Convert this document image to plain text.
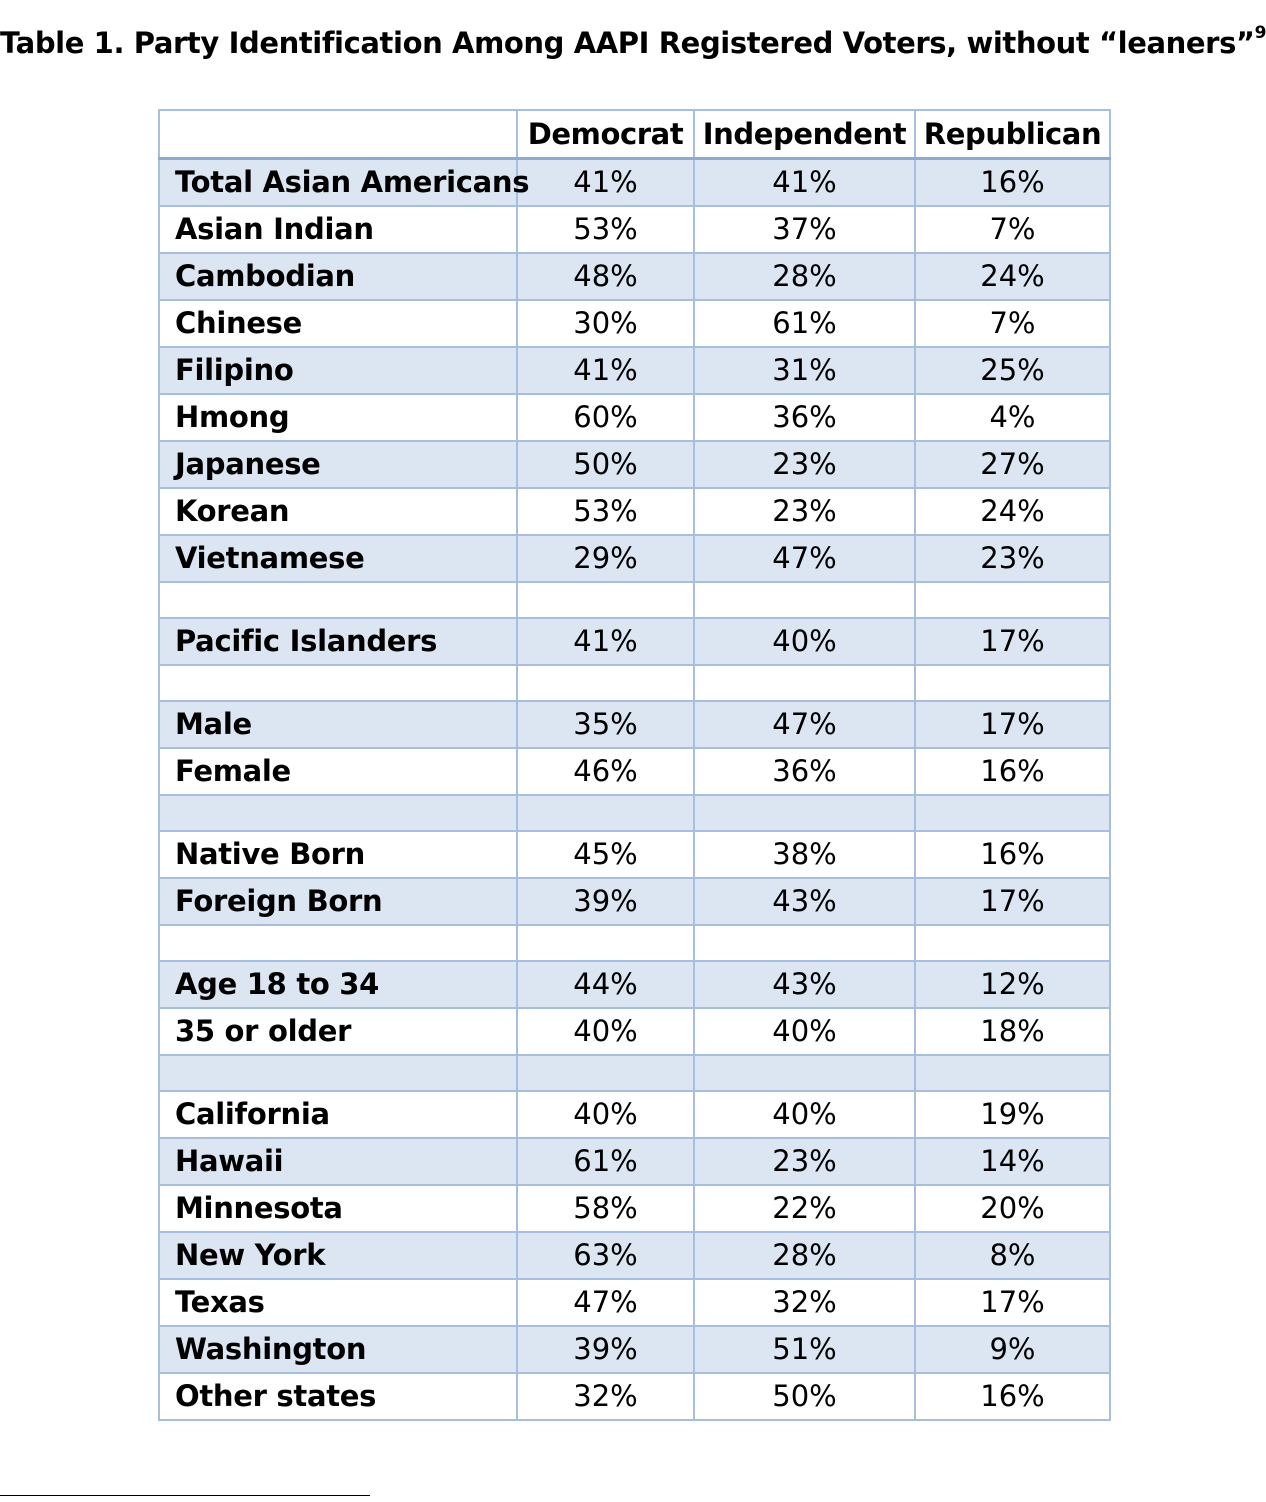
Table 1. Party Identification Among AAPI Registered Voters, without “leaners”$^9$
	Democrat	Independent	Republican
Total Asian Americans	41%	41%	16%
Asian Indian	53%	37%	7%
Cambodian	48%	28%	24%
Chinese	30%	61%	7%
Filipino	41%	31%	25%
Hmong	60%	36%	4%
Japanese	50%	23%	27%
Korean	53%	23%	24%
Vietnamese	29%	47%	23%

Pacific Islanders	41%	40%	17%

Male	35%	47%	17%
Female	46%	36%	16%

Native Born	45%	38%	16%
Foreign Born	39%	43%	17%

Age 18 to 34	44%	43%	12%
35 or older	40%	40%	18%

California	40%	40%	19%
Hawaii	61%	23%	14%
Minnesota	58%	22%	20%
New York	63%	28%	8%
Texas	47%	32%	17%
Washington	39%	51%	9%
Other states	32%	50%	16%
